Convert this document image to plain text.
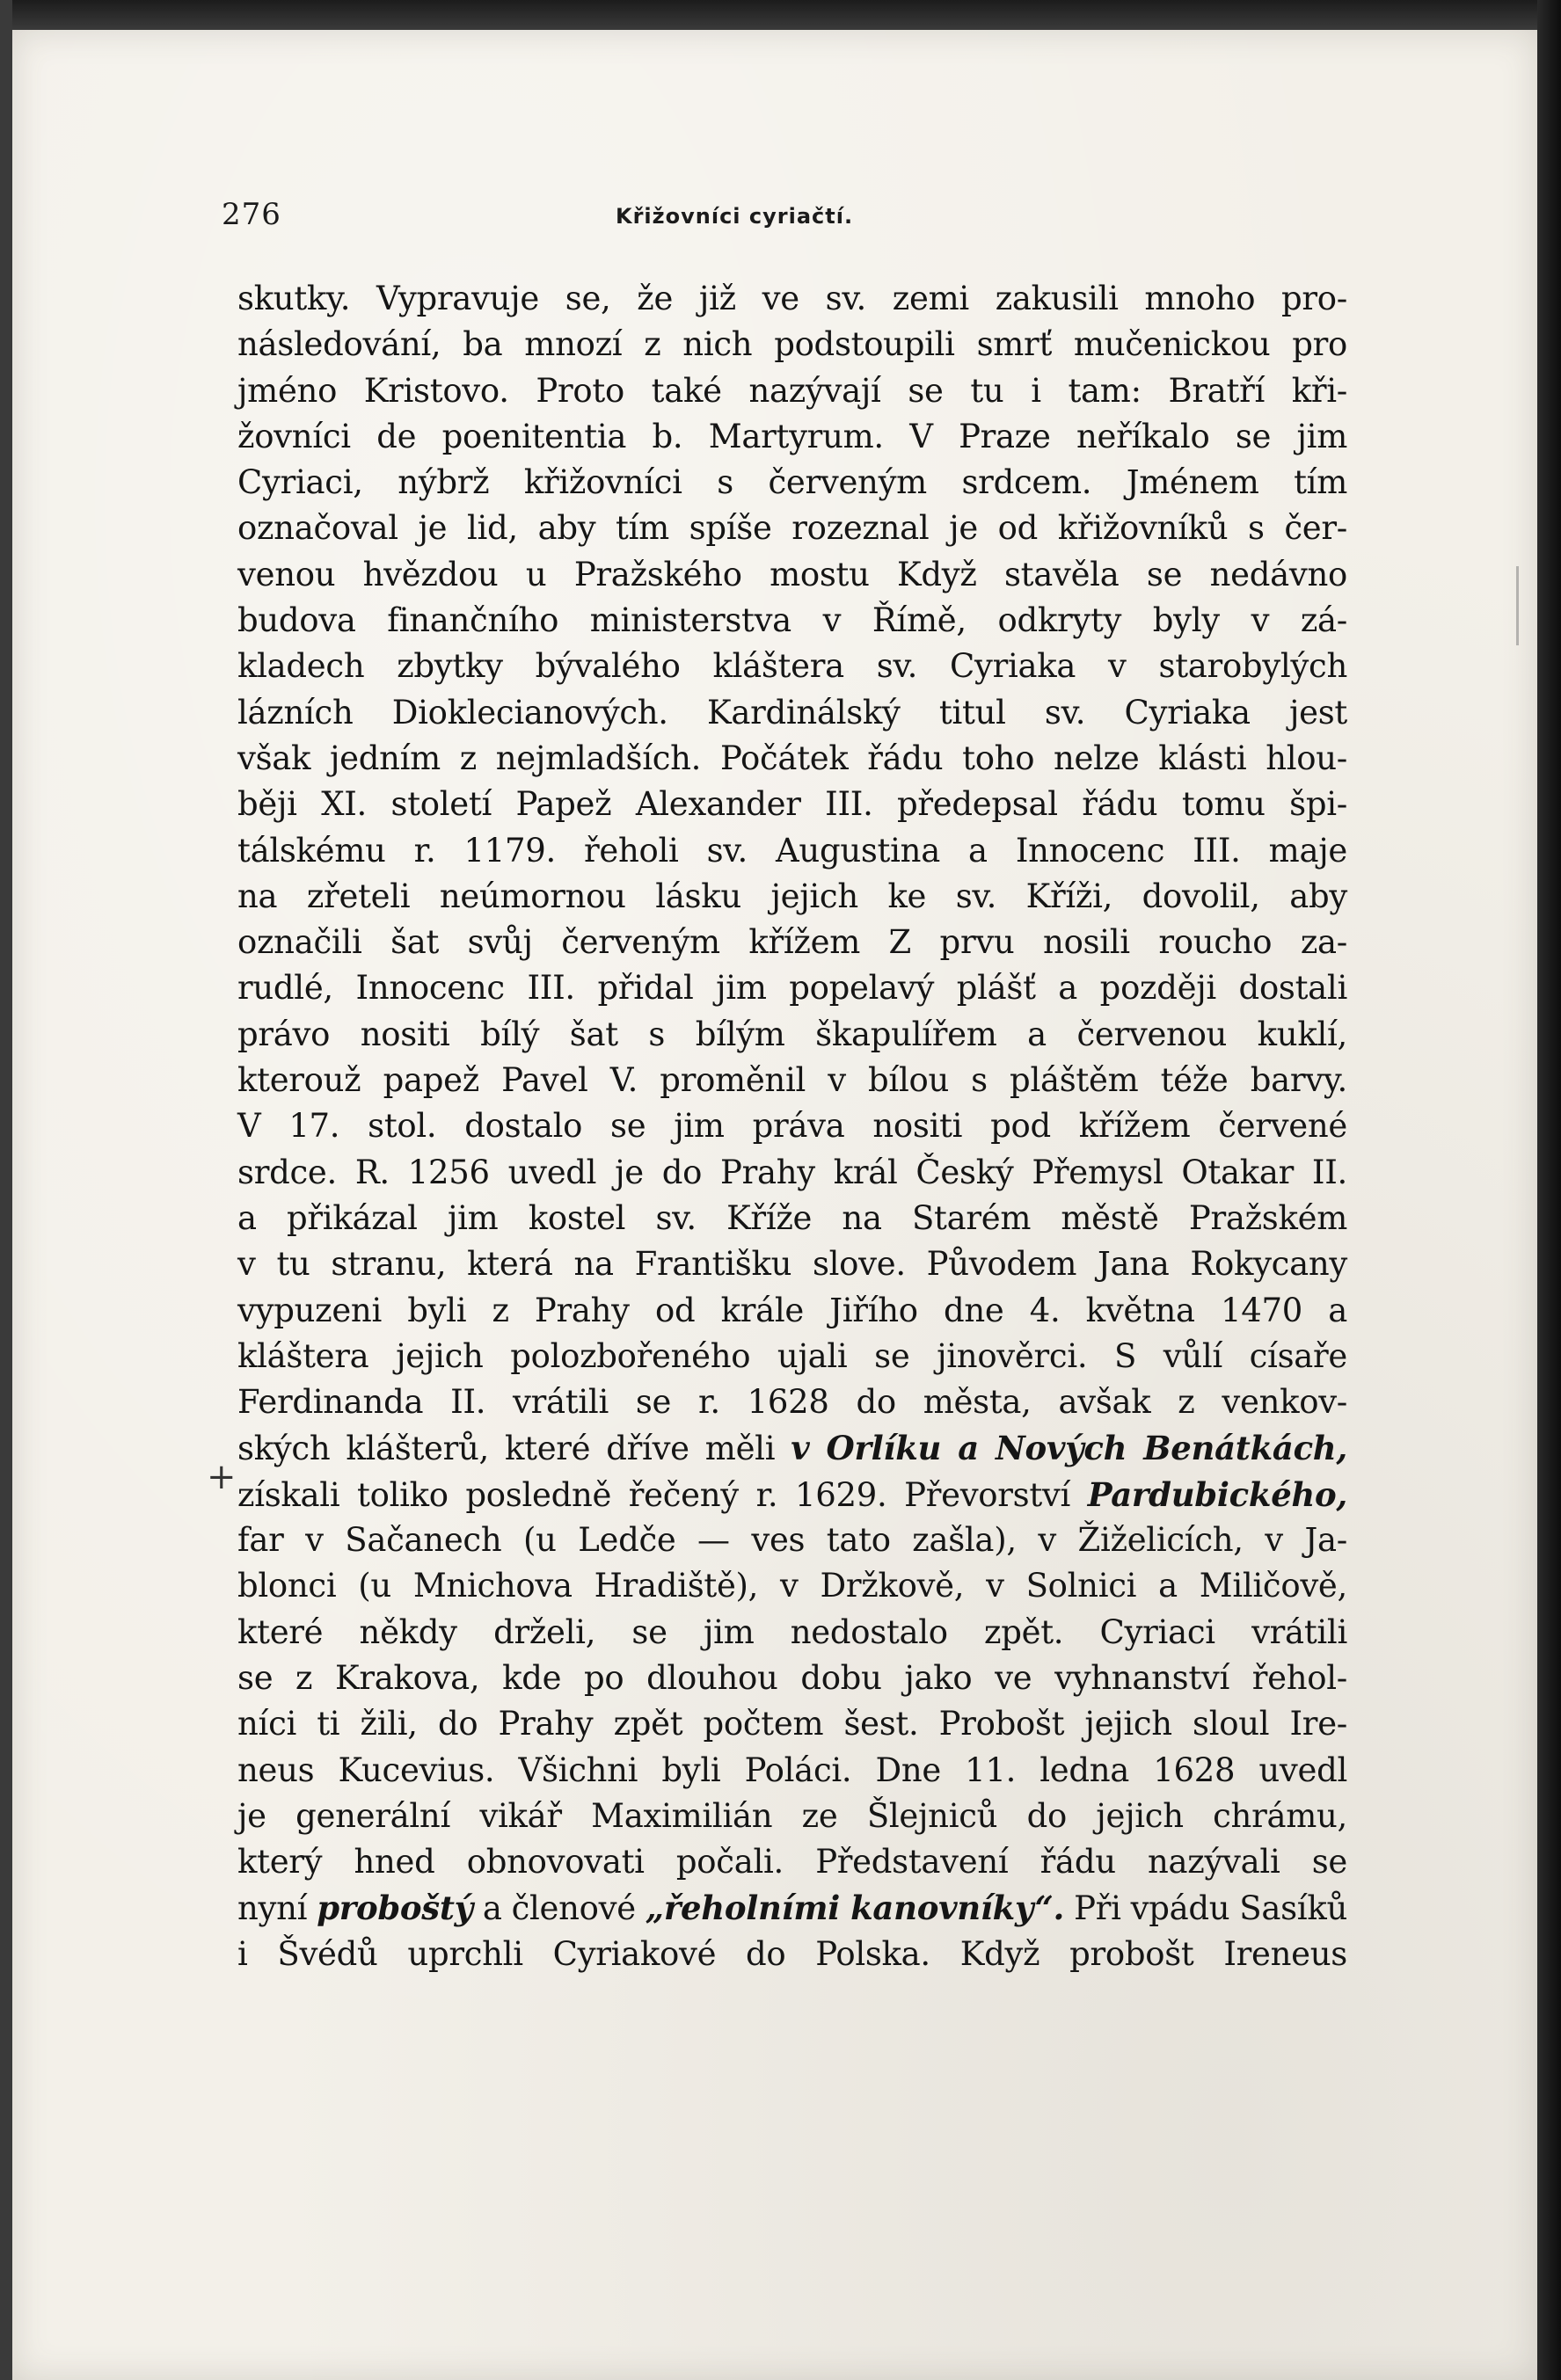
276	Křižovníci cyriačtí.
skutky. Vypravuje se, že již ve sv. zemi zakusili mnoho pro-
následování, ba mnozí z nich podstoupili smrť mučenickou pro
jméno Kristovo. Proto také nazývají se tu i tam: Bratří kři-
žovníci de poenitentia b. Martyrum. V Praze neříkalo se jim
Cyriaci, nýbrž křižovníci s červeným srdcem. Jménem tím
označoval je lid, aby tím spíše rozeznal je od křižovníků s čer-
venou hvězdou u Pražského mostu Když stavěla se nedávno
budova finančního ministerstva v Římě, odkryty byly v zá-
kladech zbytky bývalého kláštera sv. Cyriaka v starobylých
lázních Dioklecianových. Kardinálský titul sv. Cyriaka jest
však jedním z nejmladších. Počátek řádu toho nelze klásti hlou-
běji XI. století Papež Alexander III. předepsal řádu tomu špi-
tálskému r. 1179. řeholi sv. Augustina a Innocenc III. maje
na zřeteli neúmornou lásku jejich ke sv. Kříži, dovolil, aby
označili šat svůj červeným křížem Z prvu nosili roucho za-
rudlé, Innocenc III. přidal jim popelavý plášť a později dostali
právo nositi bílý šat s bílým škapulířem a červenou kuklí,
kterouž papež Pavel V. proměnil v bílou s pláštěm téže barvy.
V 17. stol. dostalo se jim práva nositi pod křížem červené
srdce. R. 1256 uvedl je do Prahy král Český Přemysl Otakar II.
a přikázal jim kostel sv. Kříže na Starém městě Pražském
v tu stranu, která na Františku slove. Původem Jana Rokycany
vypuzeni byli z Prahy od krále Jiřího dne 4. května 1470 a
kláštera jejich polozbořeného ujali se jinověrci. S vůlí císaře
Ferdinanda II. vrátili se r. 1628 do města, avšak z venkov-
ských klášterů, které dříve měli v Orlíku a Nových Benátkách,
získali toliko posledně řečený r. 1629. Převorství Pardubického,
far v Sačanech (u Ledče — ves tato zašla), v Žiželicích, v Ja-
blonci (u Mnichova Hradiště), v Držkově, v Solnici a Miličově,
které někdy drželi, se jim nedostalo zpět. Cyriaci vrátili
se z Krakova, kde po dlouhou dobu jako ve vyhnanství řehol-
níci ti žili, do Prahy zpět počtem šest. Probošt jejich sloul Ire-
neus Kucevius. Všichni byli Poláci. Dne 11. ledna 1628 uvedl
je generální vikář Maximilián ze Šlejniců do jejich chrámu,
který hned obnovovati počali. Představení řádu nazývali se
nyní proboštý a členové „řeholními kanovníky“. Při vpádu Sasíků
i Švédů uprchli Cyriakové do Polska. Když probošt Ireneus
+
